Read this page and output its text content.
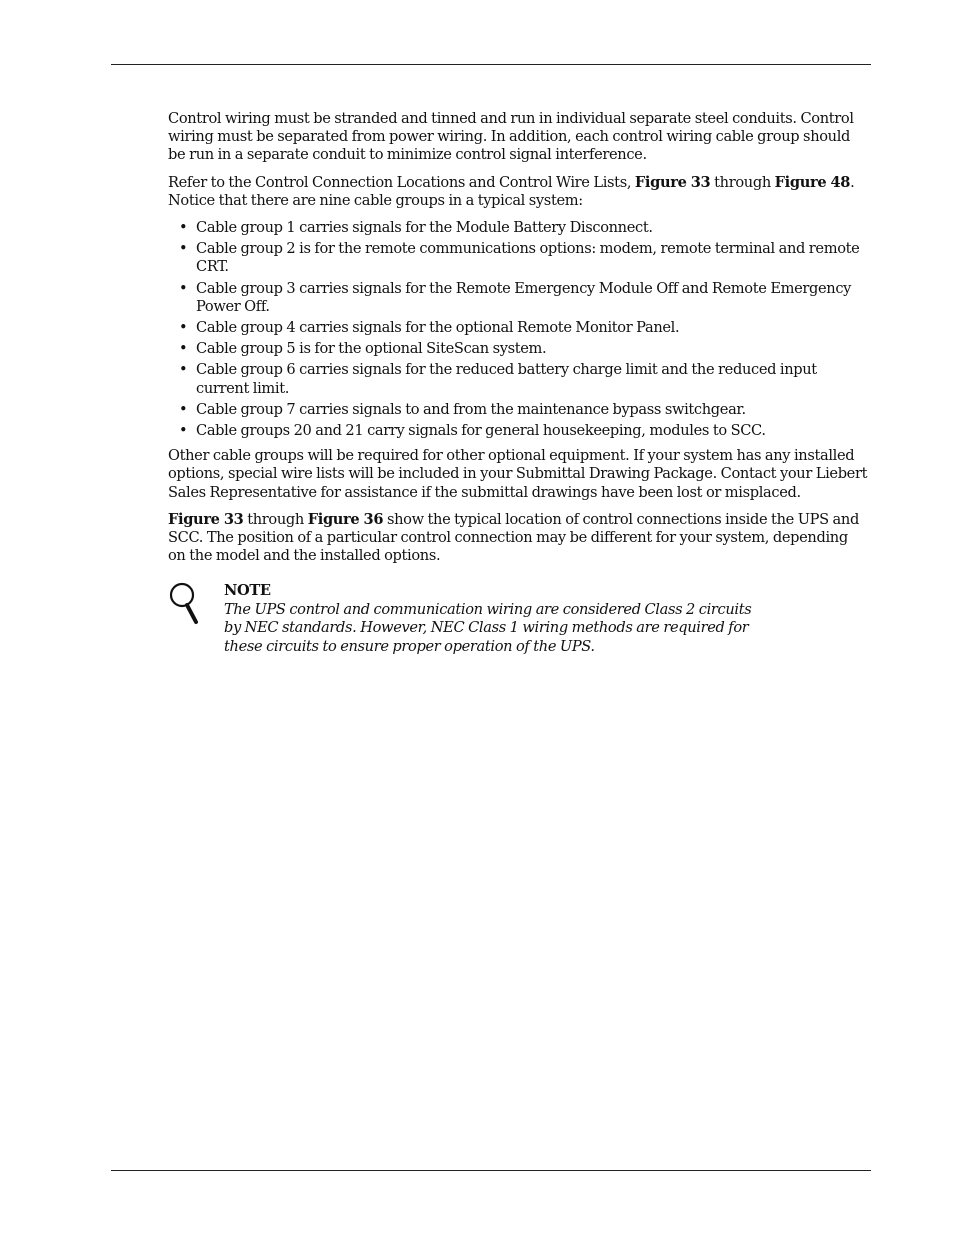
Control wiring must be stranded and tinned and run in individual separate steel conduits. Control wiring must be separated from power wiring. In addition, each control wiring cable group should be run in a separate conduit to minimize control signal interference.

Refer to the Control Connection Locations and Control Wire Lists, Figure 33 through Figure 48. Notice that there are nine cable groups in a typical system:

• Cable group 1 carries signals for the Module Battery Disconnect.
• Cable group 2 is for the remote communications options: modem, remote terminal and remote CRT.
• Cable group 3 carries signals for the Remote Emergency Module Off and Remote Emergency Power Off.
• Cable group 4 carries signals for the optional Remote Monitor Panel.
• Cable group 5 is for the optional SiteScan system.
• Cable group 6 carries signals for the reduced battery charge limit and the reduced input current limit.
• Cable group 7 carries signals to and from the maintenance bypass switchgear.
• Cable groups 20 and 21 carry signals for general housekeeping, modules to SCC.

Other cable groups will be required for other optional equipment. If your system has any installed options, special wire lists will be included in your Submittal Drawing Package. Contact your Liebert Sales Representative for assistance if the submittal drawings have been lost or misplaced.

Figure 33 through Figure 36 show the typical location of control connections inside the UPS and SCC. The position of a particular control connection may be different for your system, depending on the model and the installed options.

NOTE
The UPS control and communication wiring are considered Class 2 circuits
by NEC standards. However, NEC Class 1 wiring methods are required for
these circuits to ensure proper operation of the UPS.
